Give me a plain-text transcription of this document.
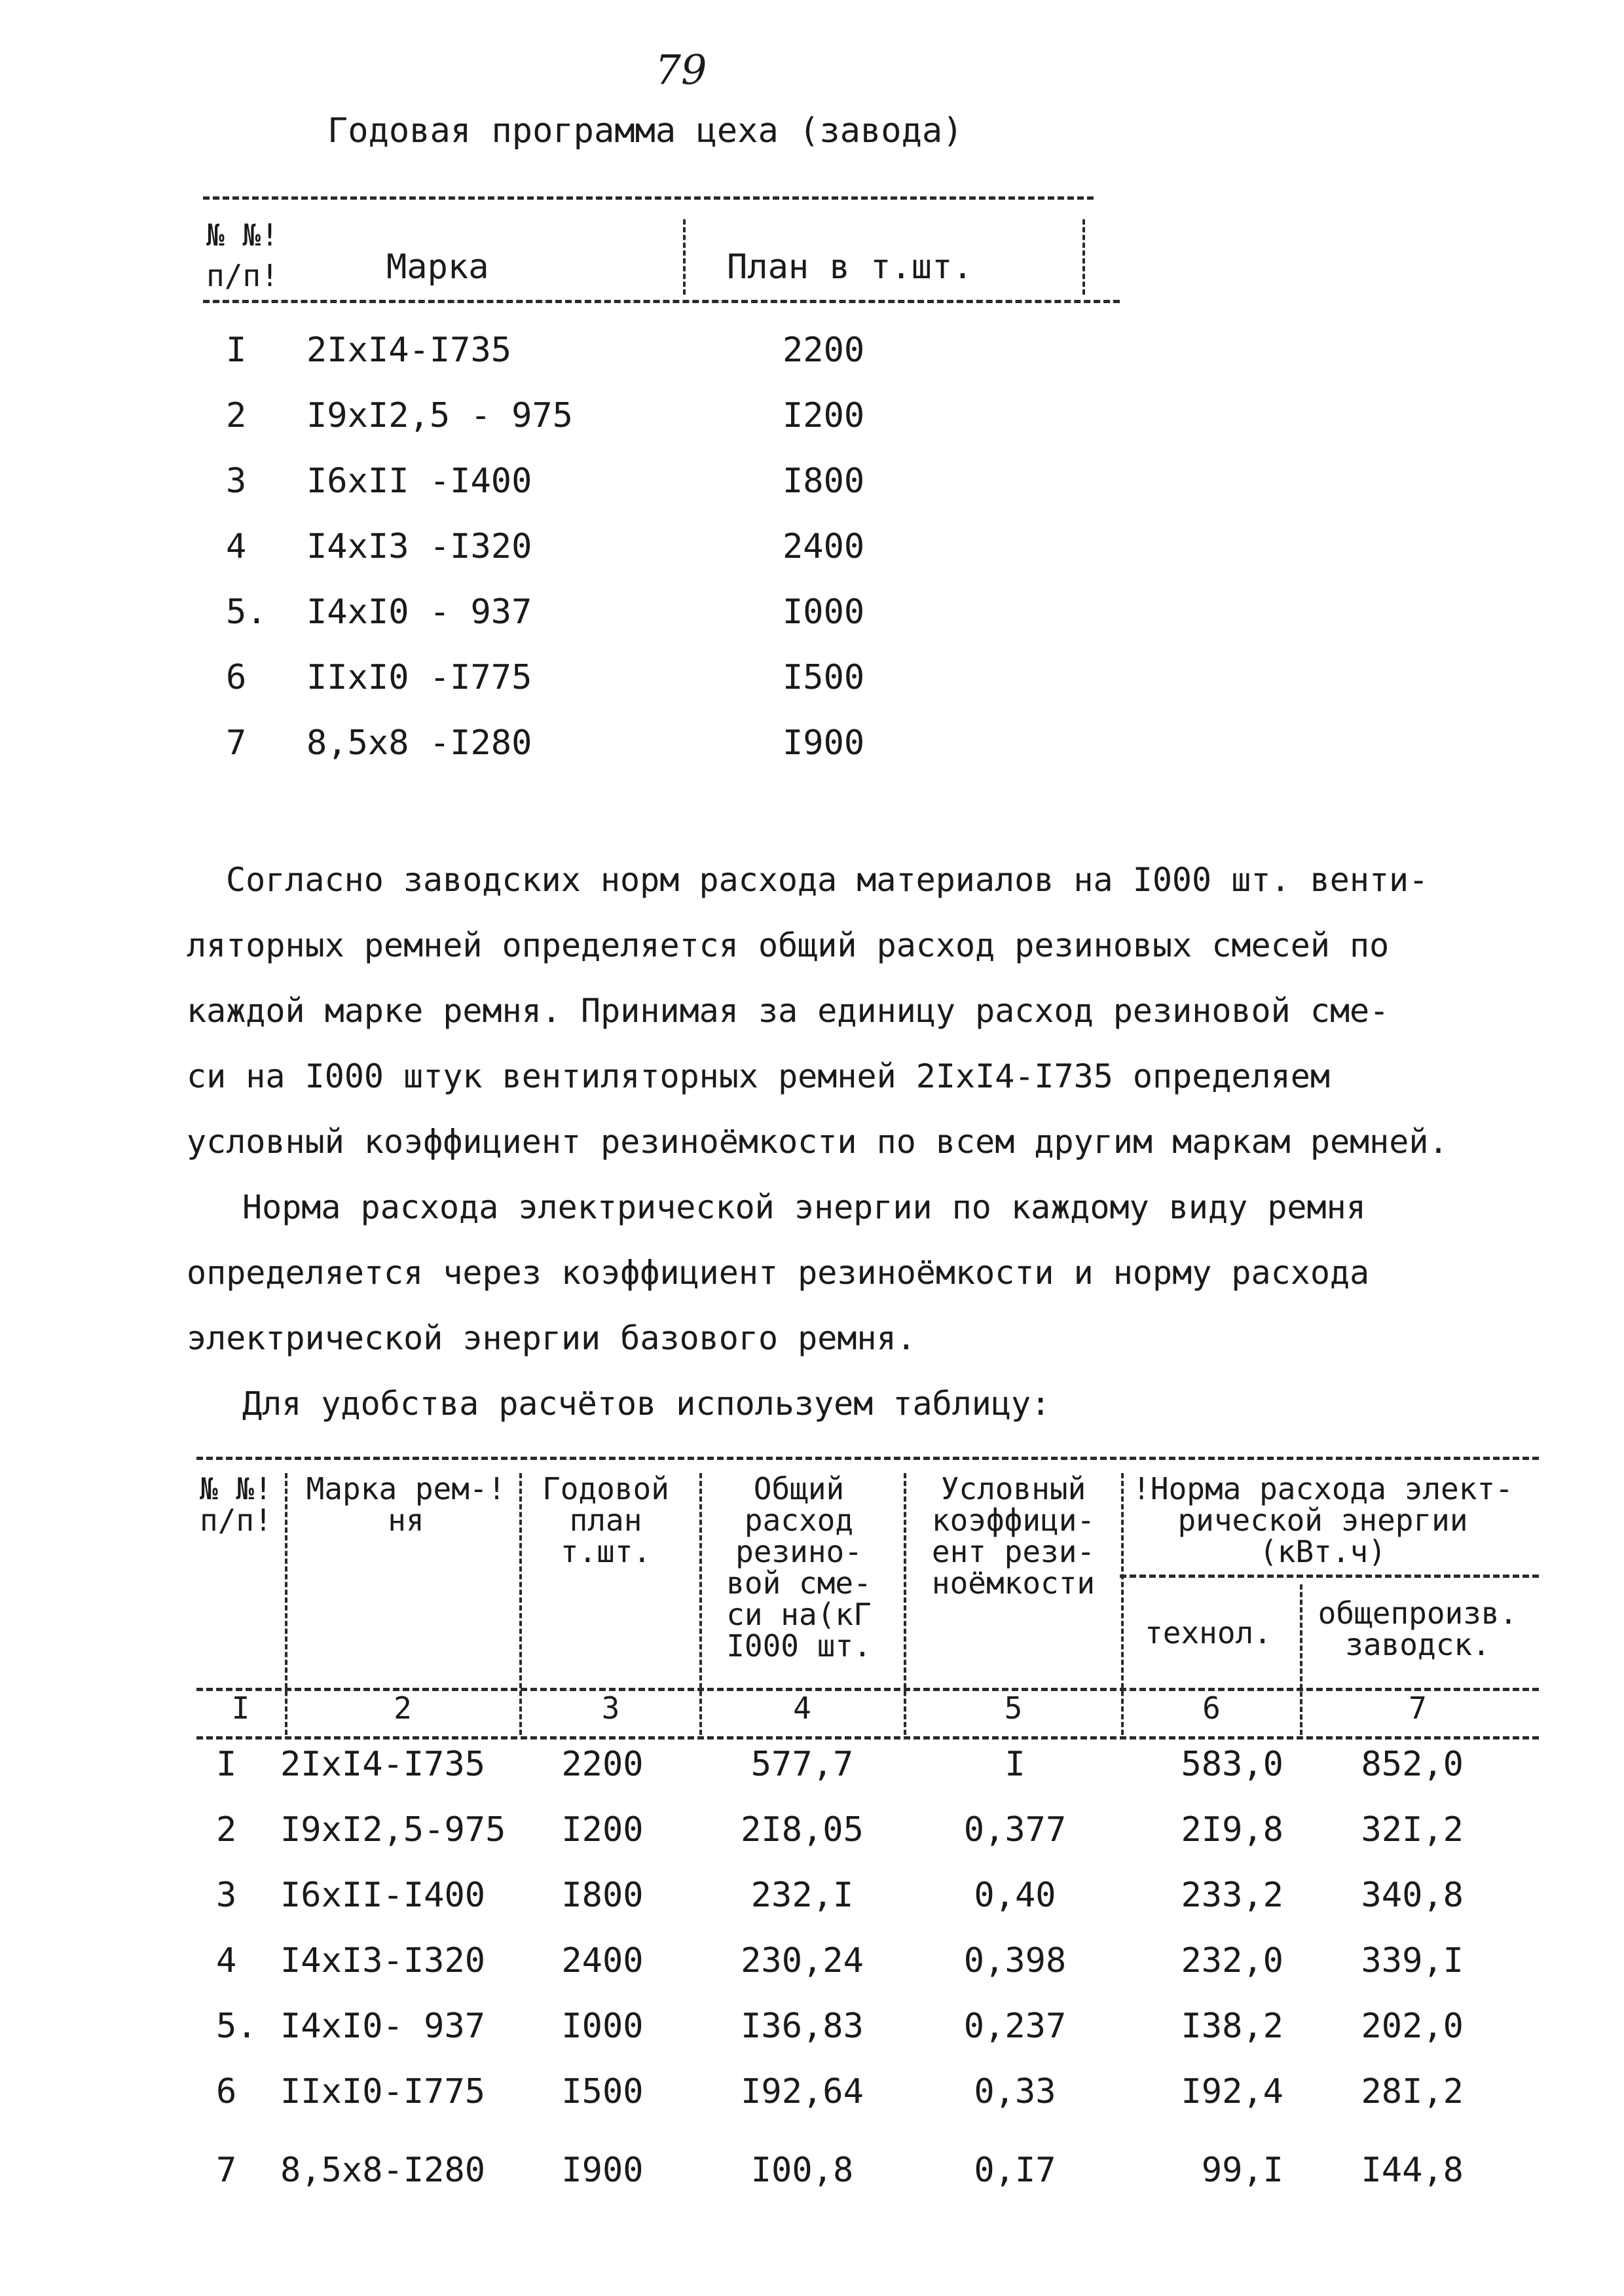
79
Годовая программа цеха (завода)
№ №!
п/п!	Марка	План в т.шт.
I 2IxI4-I735	2200
2 I9xI2,5 - 975	I200
3 I6xII -I400	I800
4 I4xI3 -I320	2400
5. I4xI0 - 937	I000
6 IIxI0 -I775	I500
7 8,5x8 -I280	I900
Согласно заводских норм расхода материалов на I000 шт. венти-
ляторных ремней определяется общий расход резиновых смесей по
каждой марке ремня. Принимая за единицу расход резиновой сме-
си на I000 штук вентиляторных ремней 2IxI4-I735 определяем
условный коэффициент резиноёмкости по всем другим маркам ремней.
Норма расхода электрической энергии по каждому виду ремня
определяется через коэффициент резиноёмкости и норму расхода
электрической энергии базового ремня.
Для удобства расчётов используем таблицу:
№ №!
п/п!
Марка рем-!
ня
Годовой
план
т.шт.
Общий
расход
резино-
вой сме-
си на(кГ
I000 шт.
Условный
коэффици-
ент рези-
ноёмкости
!Норма расхода элект-
рической энергии
(кВт.ч)
технол.
общепроизв.
заводск.
I	2	3	4	5	6	7
I	2IxI4-I735	2200	577,7	I	583,0	852,0
2	I9xI2,5-975	I200	2I8,05	0,377	2I9,8	32I,2
3	I6xII-I400	I800	232,I	0,40	233,2	340,8
4	I4xI3-I320	2400	230,24	0,398	232,0	339,I
5. I4xI0- 937	I000	I36,83	0,237	I38,2	202,0
6	IIxI0-I775	I500	I92,64	0,33	I92,4	28I,2
7	8,5x8-I280	I900	I00,8	0,I7	99,I	I44,8
